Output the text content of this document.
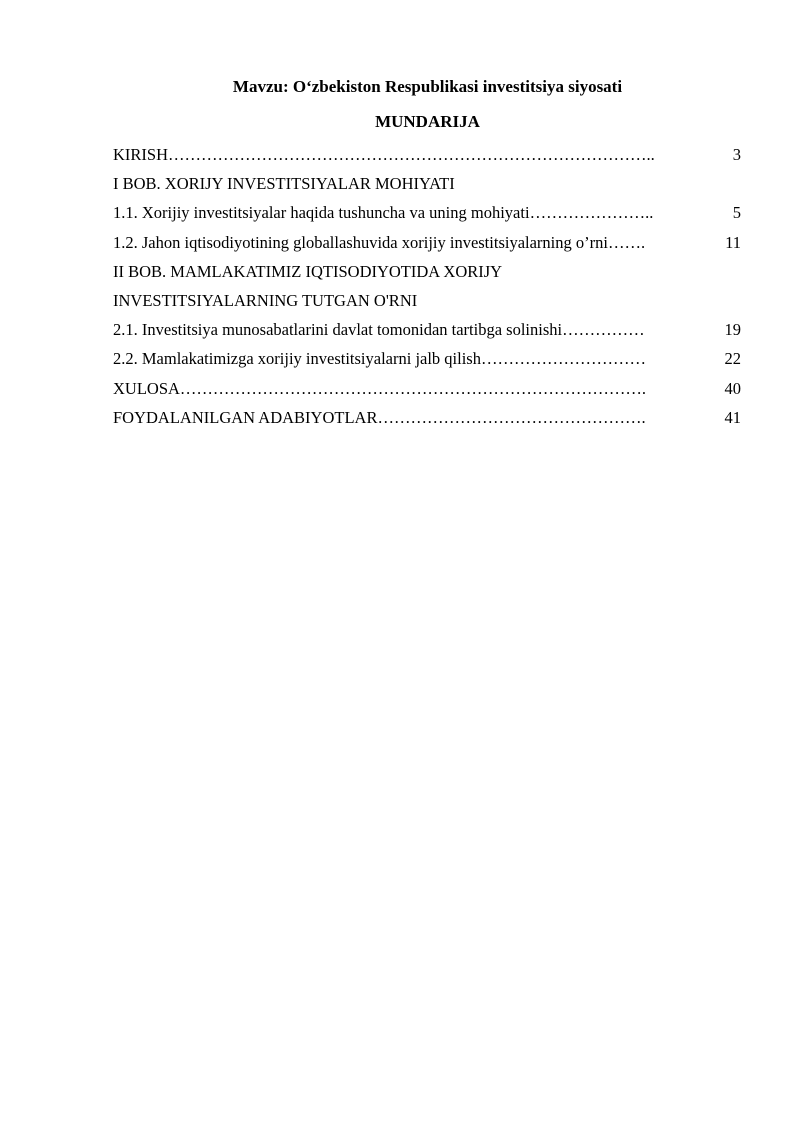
Mavzu: O‘zbekiston Respublikasi investitsiya siyosati
MUNDARIJA
KIRISH ……………………………………………………………………………..	3
I BOB. XORIJY INVESTITSIYALAR MOHIYATI
1.1. Xorijiy investitsiyalar haqida tushuncha va uning mohiyati …………………..	5
1.2. Jahon iqtisodiyotining globallashuvida xorijiy investitsiyalarning o’rni …….	11
II BOB. MAMLAKATIMIZ IQTISODIYOTIDA XORIJY
INVESTITSIYALARNING TUTGAN O'RNI
2.1. Investitsiya munosabatlarini davlat tomonidan tartibga solinishi ……………	19
2.2. Mamlakatimizga xorijiy investitsiyalarni jalb qilish …………………………	22
XULOSA ………………………………………………………………………….	40
FOYDALANILGAN ADABIYOTLAR ………………………………………….	41
